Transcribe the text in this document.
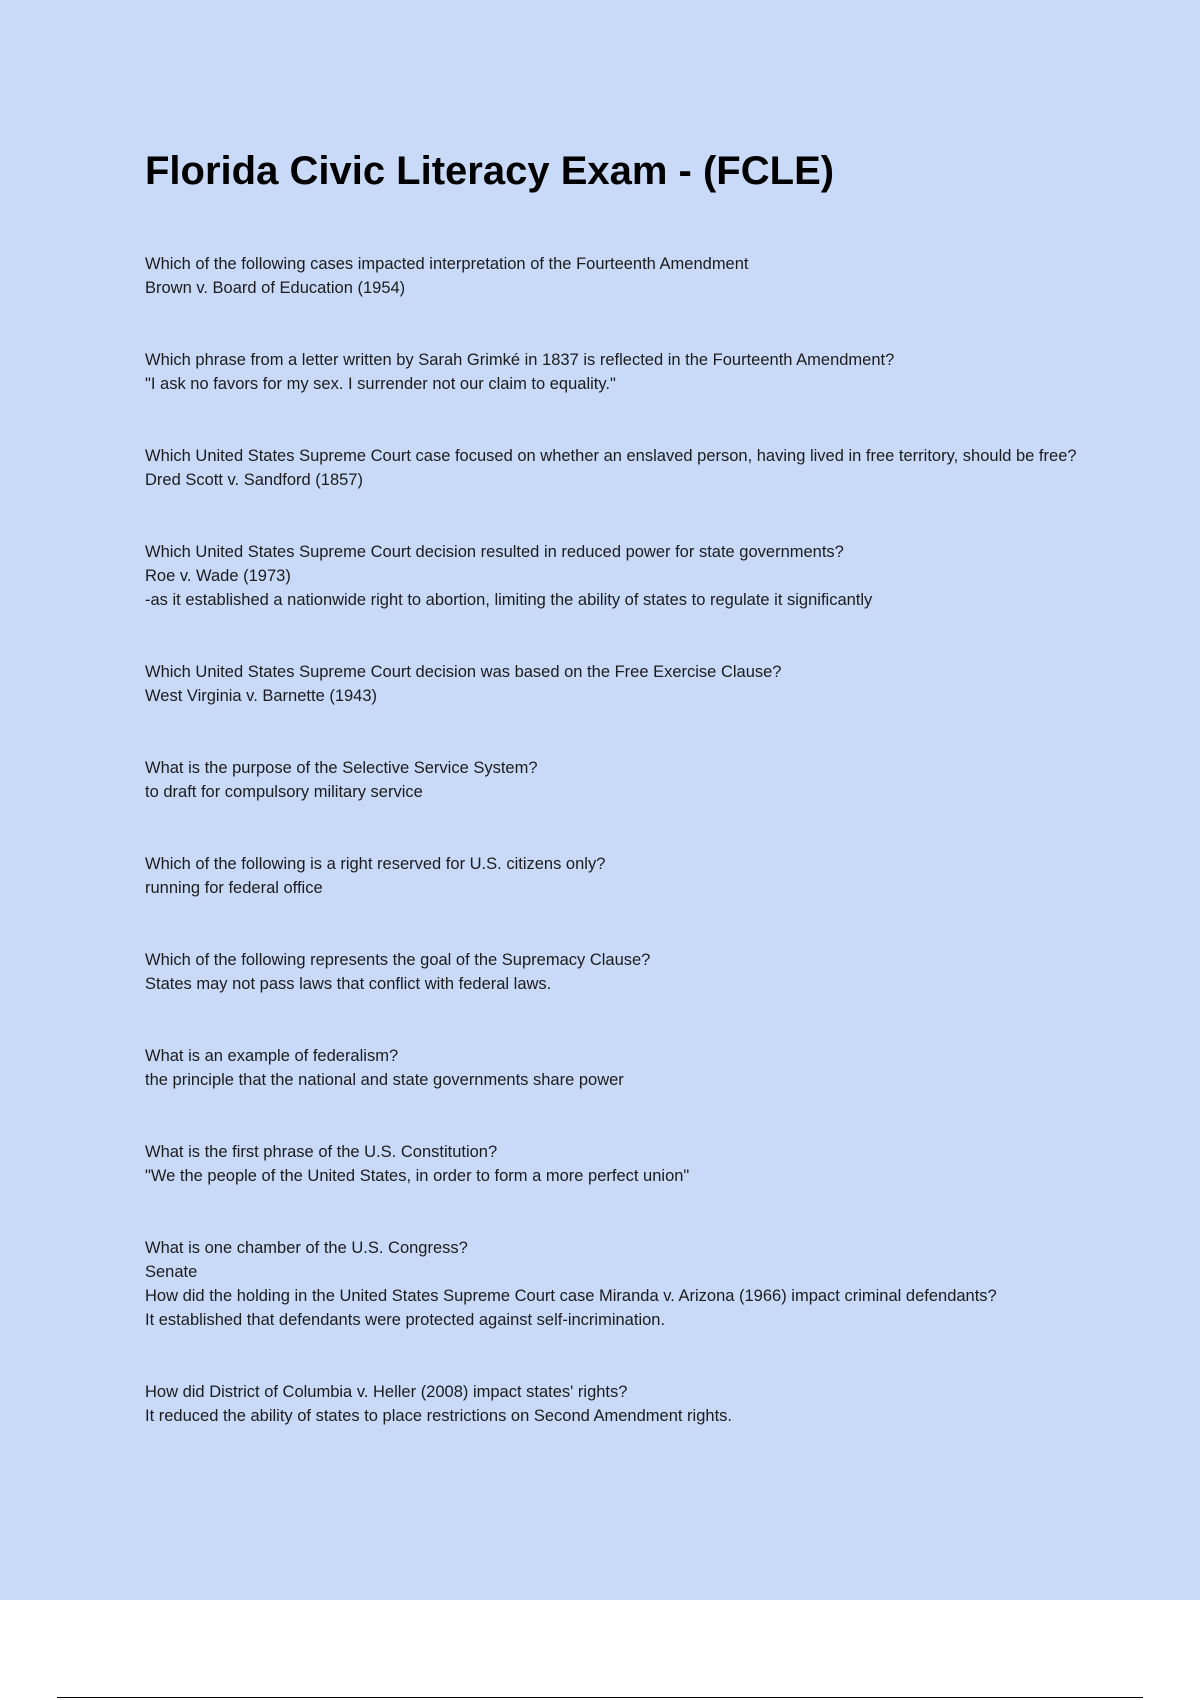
Florida Civic Literacy Exam - (FCLE)
Which of the following cases impacted interpretation of the Fourteenth Amendment
Brown v. Board of Education (1954)
Which phrase from a letter written by Sarah Grimké in 1837 is reflected in the Fourteenth Amendment?
"I ask no favors for my sex. I surrender not our claim to equality."
Which United States Supreme Court case focused on whether an enslaved person, having lived in free territory, should be free?
Dred Scott v. Sandford (1857)
Which United States Supreme Court decision resulted in reduced power for state governments?
Roe v. Wade (1973)
-as it established a nationwide right to abortion, limiting the ability of states to regulate it significantly
Which United States Supreme Court decision was based on the Free Exercise Clause?
West Virginia v. Barnette (1943)
What is the purpose of the Selective Service System?
to draft for compulsory military service
Which of the following is a right reserved for U.S. citizens only?
running for federal office
Which of the following represents the goal of the Supremacy Clause?
States may not pass laws that conflict with federal laws.
What is an example of federalism?
the principle that the national and state governments share power
What is the first phrase of the U.S. Constitution?
"We the people of the United States, in order to form a more perfect union"
What is one chamber of the U.S. Congress?
Senate
How did the holding in the United States Supreme Court case Miranda v. Arizona (1966) impact criminal defendants?
It established that defendants were protected against self-incrimination.
How did District of Columbia v. Heller (2008) impact states' rights?
It reduced the ability of states to place restrictions on Second Amendment rights.
